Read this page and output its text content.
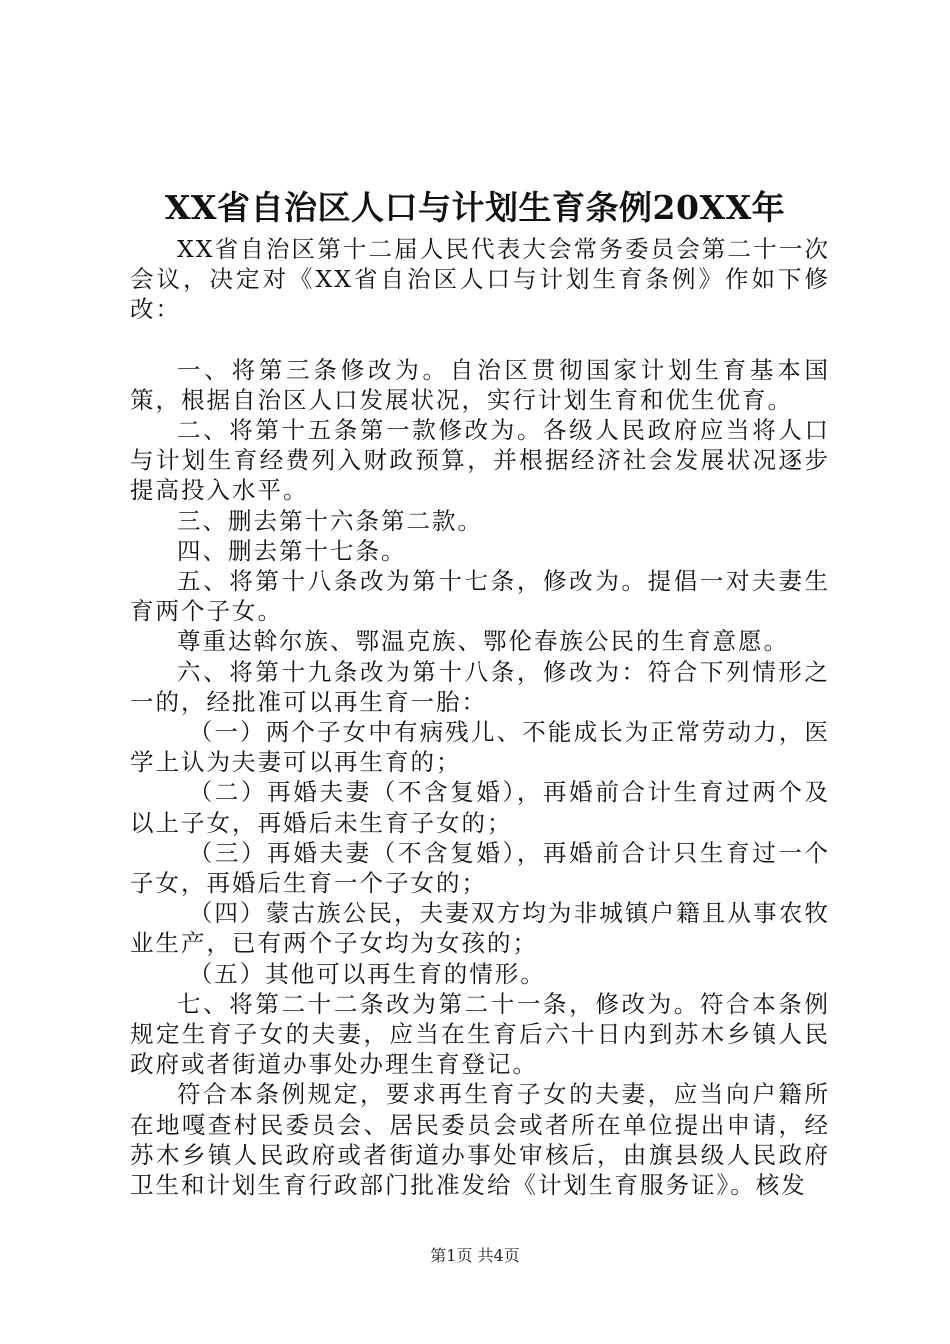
XX省自治区人口与计划生育条例20XX年

XX省自治区第十二届人民代表大会常务委员会第二十一次会议，决定对《XX省自治区人口与计划生育条例》作如下修改：

一、将第三条修改为。自治区贯彻国家计划生育基本国策，根据自治区人口发展状况，实行计划生育和优生优育。

二、将第十五条第一款修改为。各级人民政府应当将人口与计划生育经费列入财政预算，并根据经济社会发展状况逐步提高投入水平。

三、删去第十六条第二款。

四、删去第十七条。

五、将第十八条改为第十七条，修改为。提倡一对夫妻生育两个子女。

尊重达斡尔族、鄂温克族、鄂伦春族公民的生育意愿。

六、将第十九条改为第十八条，修改为：符合下列情形之一的，经批准可以再生育一胎：

（一）两个子女中有病残儿、不能成长为正常劳动力，医学上认为夫妻可以再生育的；

（二）再婚夫妻（不含复婚），再婚前合计生育过两个及以上子女，再婚后未生育子女的；

（三）再婚夫妻（不含复婚），再婚前合计只生育过一个子女，再婚后生育一个子女的；

（四）蒙古族公民，夫妻双方均为非城镇户籍且从事农牧业生产，已有两个子女均为女孩的；

（五）其他可以再生育的情形。

七、将第二十二条改为第二十一条，修改为。符合本条例规定生育子女的夫妻，应当在生育后六十日内到苏木乡镇人民政府或者街道办事处办理生育登记。

符合本条例规定，要求再生育子女的夫妻，应当向户籍所在地嘎查村民委员会、居民委员会或者所在单位提出申请，经苏木乡镇人民政府或者街道办事处审核后，由旗县级人民政府卫生和计划生育行政部门批准发给《计划生育服务证》。核发

第1页 共4页
